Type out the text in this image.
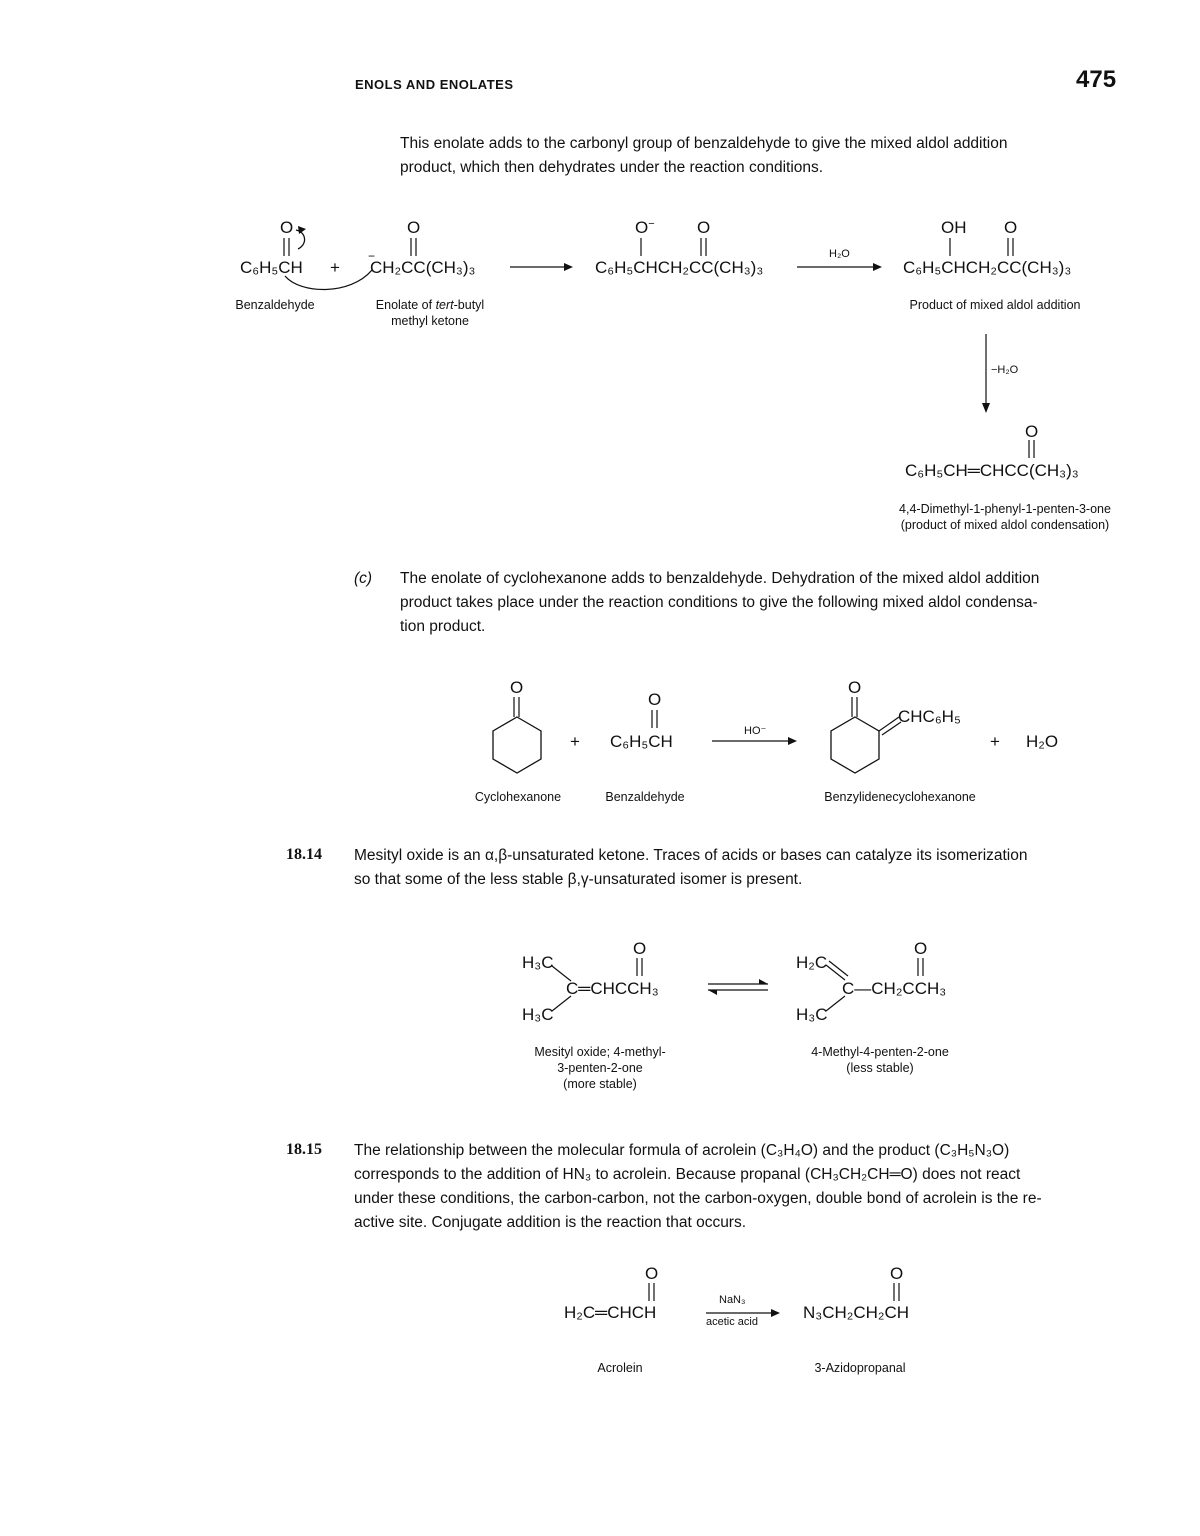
ENOLS AND ENOLATES	475
This enolate adds to the carbonyl group of benzaldehyde to give the mixed aldol addition
product, which then dehydrates under the reaction conditions.
O
C₆H₅CH +
O
−
CH₂CC(CH₃)₃
O− O
C₆H₅CHCH₂CC(CH₃)₃
H₂O
OH O
C₆H₅CHCH₂CC(CH₃)₃
Benzaldehyde	Enolate of tert-butyl
methyl ketone
Product of mixed aldol addition
−H₂O
O
C₆H₅CH═CHCC(CH₃)₃
4,4-Dimethyl-1-phenyl-1-penten-3-one
(product of mixed aldol condensation)
(c) The enolate of cyclohexanone adds to benzaldehyde. Dehydration of the mixed aldol addition
product takes place under the reaction conditions to give the following mixed aldol condensa-
tion product.
O
+
O
C₆H₅CH
HO⁻
O
CHC₆H₅
+ H₂O
Cyclohexanone	Benzaldehyde	Benzylidenecyclohexanone
18.14 Mesityl oxide is an α,β-unsaturated ketone. Traces of acids or bases can catalyze its isomerization
so that some of the less stable β,γ-unsaturated isomer is present.
H₃C
H₃C
C═CHCCH₃
O
H₂C
H₃C
C—CH₂CCH₃
O
Mesityl oxide; 4-methyl-
3-penten-2-one
(more stable)
4-Methyl-4-penten-2-one
(less stable)
18.15 The relationship between the molecular formula of acrolein (C₃H₄O) and the product (C₃H₅N₃O)
corresponds to the addition of HN₃ to acrolein. Because propanal (CH₃CH₂CH═O) does not react
under these conditions, the carbon-carbon, not the carbon-oxygen, double bond of acrolein is the re-
active site. Conjugate addition is the reaction that occurs.
O
H₂C═CHCH
NaN₃
acetic acid
O
N₃CH₂CH₂CH
Acrolein	3-Azidopropanal
